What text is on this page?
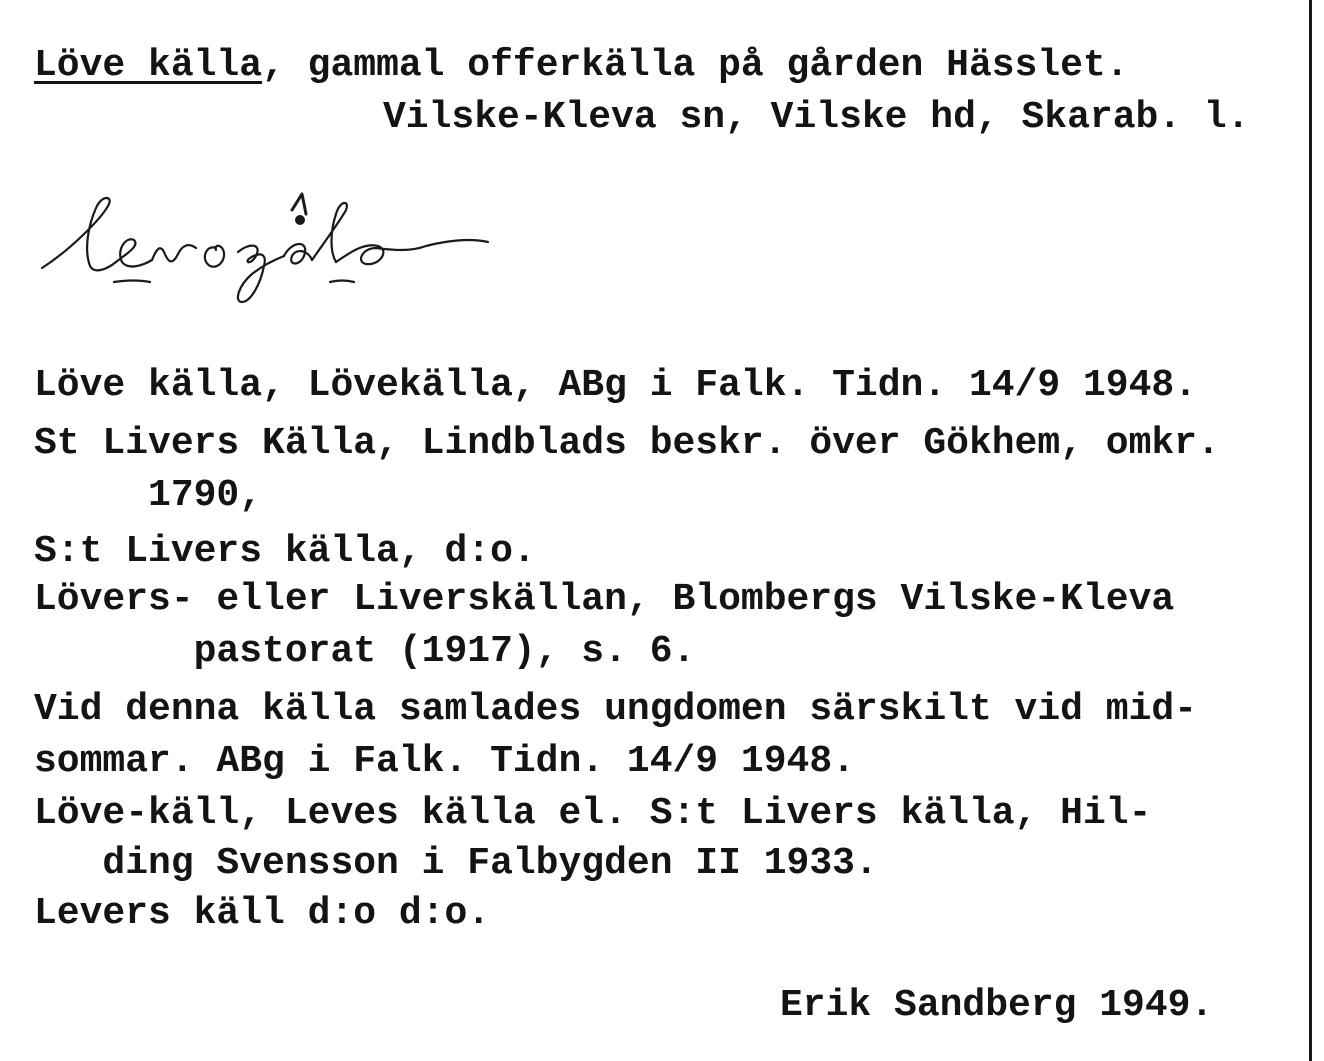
Löve källa, gammal offerkälla på gården Hässlet.
Vilske-Kleva sn, Vilske hd, Skarab. l.
Löve källa, Lövekälla, ABg i Falk. Tidn. 14/9 1948.
St Livers Källa, Lindblads beskr. över Gökhem, omkr.
1790,
S:t Livers källa, d:o.
Lövers- eller Liverskällan, Blombergs Vilske-Kleva
pastorat (1917), s. 6.
Vid denna källa samlades ungdomen särskilt vid mid-
sommar. ABg i Falk. Tidn. 14/9 1948.
Löve-käll, Leves källa el. S:t Livers källa, Hil-
ding Svensson i Falbygden II 1933.
Levers käll d:o d:o.
Erik Sandberg 1949.
